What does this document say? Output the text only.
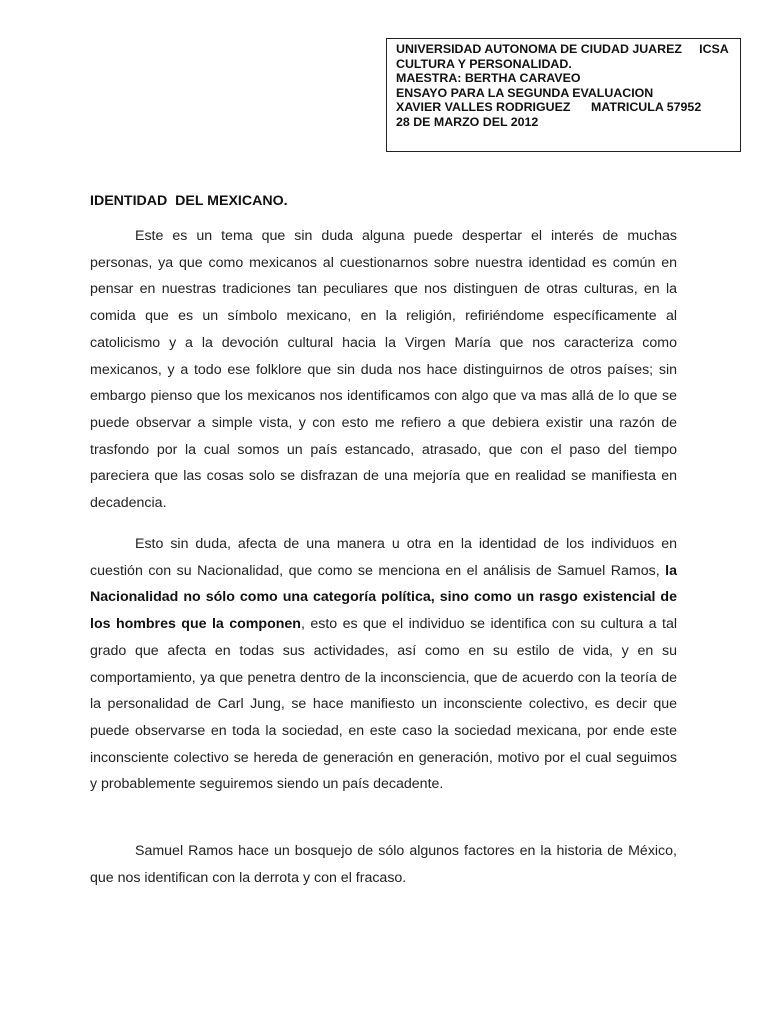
UNIVERSIDAD AUTONOMA DE CIUDAD JUAREZ     ICSA
CULTURA Y PERSONALIDAD.
MAESTRA: BERTHA CARAVEO
ENSAYO PARA LA SEGUNDA EVALUACION
XAVIER VALLES RODRIGUEZ      MATRICULA 57952
28 DE MARZO DEL 2012
IDENTIDAD  DEL MEXICANO.

Este es un tema que sin duda alguna puede despertar el interés de muchas personas, ya que como mexicanos al cuestionarnos sobre nuestra identidad es común en pensar en nuestras tradiciones tan peculiares que nos distinguen de otras culturas, en la comida que es un símbolo mexicano, en la religión, refiriéndome específicamente al catolicismo y a la devoción cultural hacia la Virgen María que nos caracteriza como mexicanos, y a todo ese folklore que sin duda nos hace distinguirnos de otros países; sin embargo pienso que los mexicanos nos identificamos con algo que va mas allá de lo que se puede observar a simple vista, y con esto me refiero a que debiera existir una razón de trasfondo por la cual somos un país estancado, atrasado, que con el paso del tiempo pareciera que las cosas solo se disfrazan de una mejoría que en realidad se manifiesta en decadencia.

Esto sin duda, afecta de una manera u otra en la identidad de los individuos en cuestión con su Nacionalidad, que como se menciona en el análisis de Samuel Ramos, la Nacionalidad no sólo como una categoría política, sino como un rasgo existencial de los hombres que la componen, esto es que el individuo se identifica con su cultura a tal grado que afecta en todas sus actividades, así como en su estilo de vida, y en su comportamiento, ya que penetra dentro de la inconsciencia, que de acuerdo con la teoría de la personalidad de Carl Jung, se hace manifiesto un inconsciente colectivo, es decir que puede observarse en toda la sociedad, en este caso la sociedad mexicana, por ende este inconsciente colectivo se hereda de generación en generación, motivo por el cual seguimos y probablemente seguiremos siendo un país decadente.

Samuel Ramos hace un bosquejo de sólo algunos factores en la historia de México, que nos identifican con la derrota y con el fracaso.
